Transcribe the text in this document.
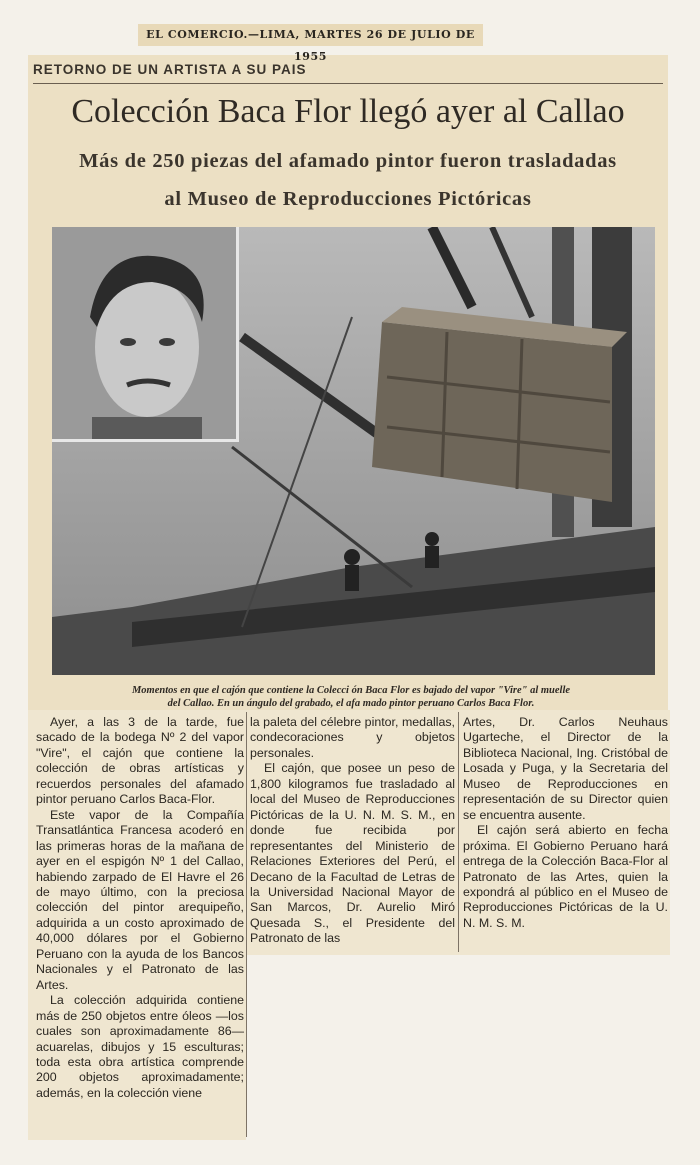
EL COMERCIO.—LIMA, MARTES 26 DE JULIO DE 1955
RETORNO DE UN ARTISTA A SU PAIS
Colección Baca Flor llegó ayer al Callao
Más de 250 piezas del afamado pintor fueron trasladadas
al Museo de Reproducciones Pictóricas
Momentos en que el cajón que contiene la Colecci ón Baca Flor es bajado del vapor "Vire" al muelle
del Callao. En un ángulo del grabado, el afa mado pintor peruano Carlos Baca Flor.

Ayer, a las 3 de la tarde, fue sacado de la bodega Nº 2 del vapor "Vire", el cajón que contiene la colección de obras artísticas y recuerdos personales del afamado pintor peruano Carlos Baca-Flor.

Este vapor de la Compañía Transatlántica Francesa acoderó en las primeras horas de la mañana de ayer en el espigón Nº 1 del Callao, habiendo zarpado de El Havre el 26 de mayo último, con la preciosa colección del pintor arequipeño, adquirida a un costo aproximado de 40,000 dólares por el Gobierno Peruano con la ayuda de los Bancos Nacionales y el Patronato de las Artes.

La colección adquirida contiene más de 250 objetos entre óleos —los cuales son aproximadamente 86— acuarelas, dibujos y 15 esculturas; toda esta obra artística comprende 200 objetos aproximadamente; además, en la colección viene

la paleta del célebre pintor, medallas, condecoraciones y objetos personales.

El cajón, que posee un peso de 1,800 kilogramos fue trasladado al local del Museo de Reproducciones Pictóricas de la U. N. M. S. M., en donde fue recibida por representantes del Ministerio de Relaciones Exteriores del Perú, el Decano de la Facultad de Letras de la Universidad Nacional Mayor de San Marcos, Dr. Aurelio Miró Quesada S., el Presidente del Patronato de las

Artes, Dr. Carlos Neuhaus Ugarteche, el Director de la Biblioteca Nacional, Ing. Cristóbal de Losada y Puga, y la Secretaria del Museo de Reproducciones en representación de su Director quien se encuentra ausente.

El cajón será abierto en fecha próxima. El Gobierno Peruano hará entrega de la Colección Baca-Flor al Patronato de las Artes, quien la expondrá al público en el Museo de Reproducciones Pictóricas de la U. N. M. S. M.
